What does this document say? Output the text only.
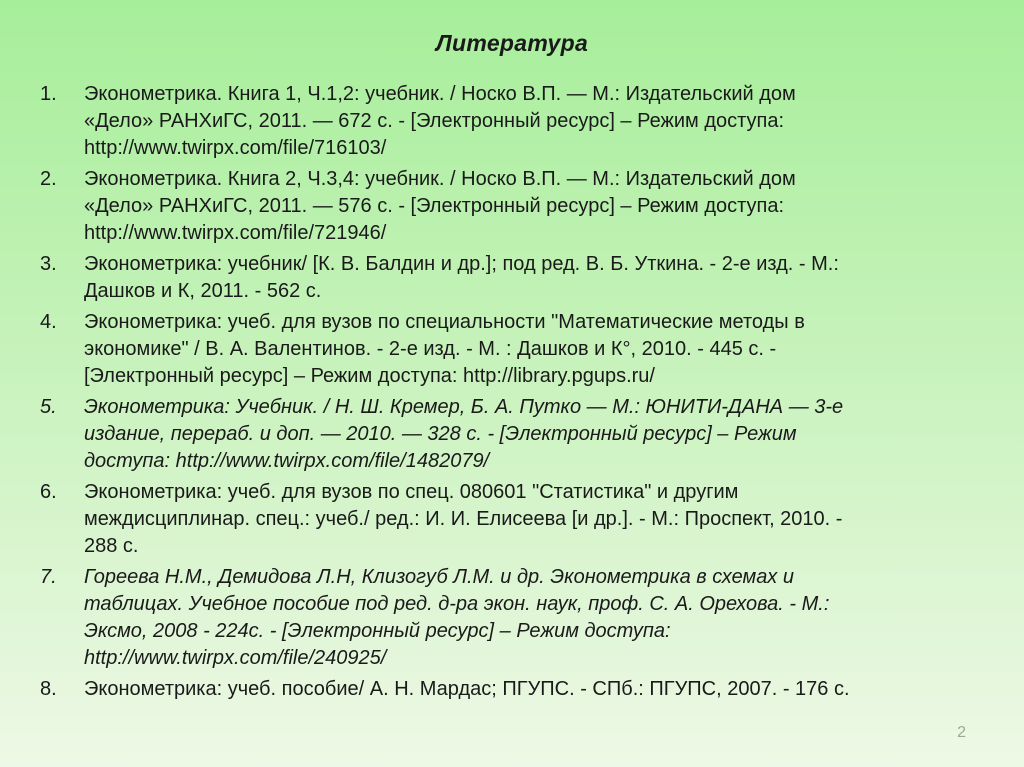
Литература
1. Эконометрика. Книга 1, Ч.1,2: учебник. / Носко В.П. — М.: Издательский дом

«Дело» РАНХиГС, 2011. — 672 с. - [Электронный ресурс] – Режим доступа:

http://www.twirpx.com/file/716103/

2. Эконометрика. Книга 2, Ч.3,4: учебник. / Носко В.П. — М.: Издательский дом

«Дело» РАНХиГС, 2011. — 576 с. - [Электронный ресурс] – Режим доступа:

http://www.twirpx.com/file/721946/

3. Эконометрика: учебник/ [К. В. Балдин и др.]; под ред. В. Б. Уткина. - 2-е изд. - М.:

Дашков и К, 2011. - 562 с.

4. Эконометрика: учеб. для вузов по специальности "Математические методы в

экономике" / В. А. Валентинов. - 2-е изд. - М. : Дашков и К°, 2010. - 445 с. -

[Электронный ресурс] – Режим доступа: http://library.pgups.ru/

5. Эконометрика: Учебник. / Н. Ш. Кремер, Б. А. Путко — М.: ЮНИТИ-ДАНА — 3-е

издание, перераб. и доп. — 2010. — 328 с. - [Электронный ресурс] – Режим

доступа: http://www.twirpx.com/file/1482079/

6. Эконометрика: учеб. для вузов по спец. 080601 "Статистика" и другим

междисциплинар. спец.: учеб./ ред.: И. И. Елисеева [и др.]. - М.: Проспект, 2010. -

288 с.

7. Гореева Н.М., Демидова Л.Н, Клизогуб Л.М. и др. Эконометрика в схемах и

таблицах. Учебное пособие под ред. д-ра экон. наук, проф. С. А. Орехова. - М.:

Эксмо, 2008 - 224с. - [Электронный ресурс] – Режим доступа:

http://www.twirpx.com/file/240925/

8. Эконометрика: учеб. пособие/ А. Н. Мардас; ПГУПС. - СПб.: ПГУПС, 2007. - 176 с.

2
